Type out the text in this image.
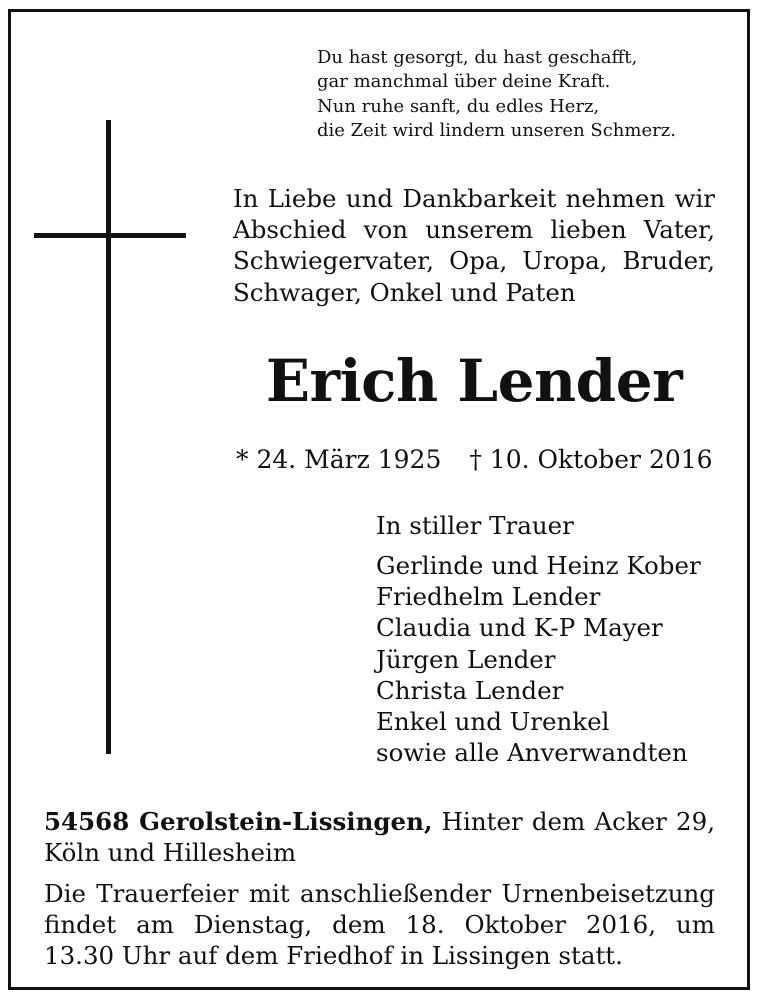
Du hast gesorgt, du hast geschafft,
gar manchmal über deine Kraft.
Nun ruhe sanft, du edles Herz,
die Zeit wird lindern unseren Schmerz.
In Liebe und Dankbarkeit nehmen wir
Abschied von unserem lieben Vater,
Schwiegervater, Opa, Uropa, Bruder,
Schwager, Onkel und Paten
Erich Lender
* 24. März 1925 † 10. Oktober 2016
In stiller Trauer
Gerlinde und Heinz Kober
Friedhelm Lender
Claudia und K-P Mayer
Jürgen Lender
Christa Lender
Enkel und Urenkel
sowie alle Anverwandten
54568 Gerolstein-Lissingen, Hinter dem Acker 29,
Köln und Hillesheim
Die Trauerfeier mit anschließender Urnenbeisetzung
findet am Dienstag, dem 18. Oktober 2016, um
13.30 Uhr auf dem Friedhof in Lissingen statt.
